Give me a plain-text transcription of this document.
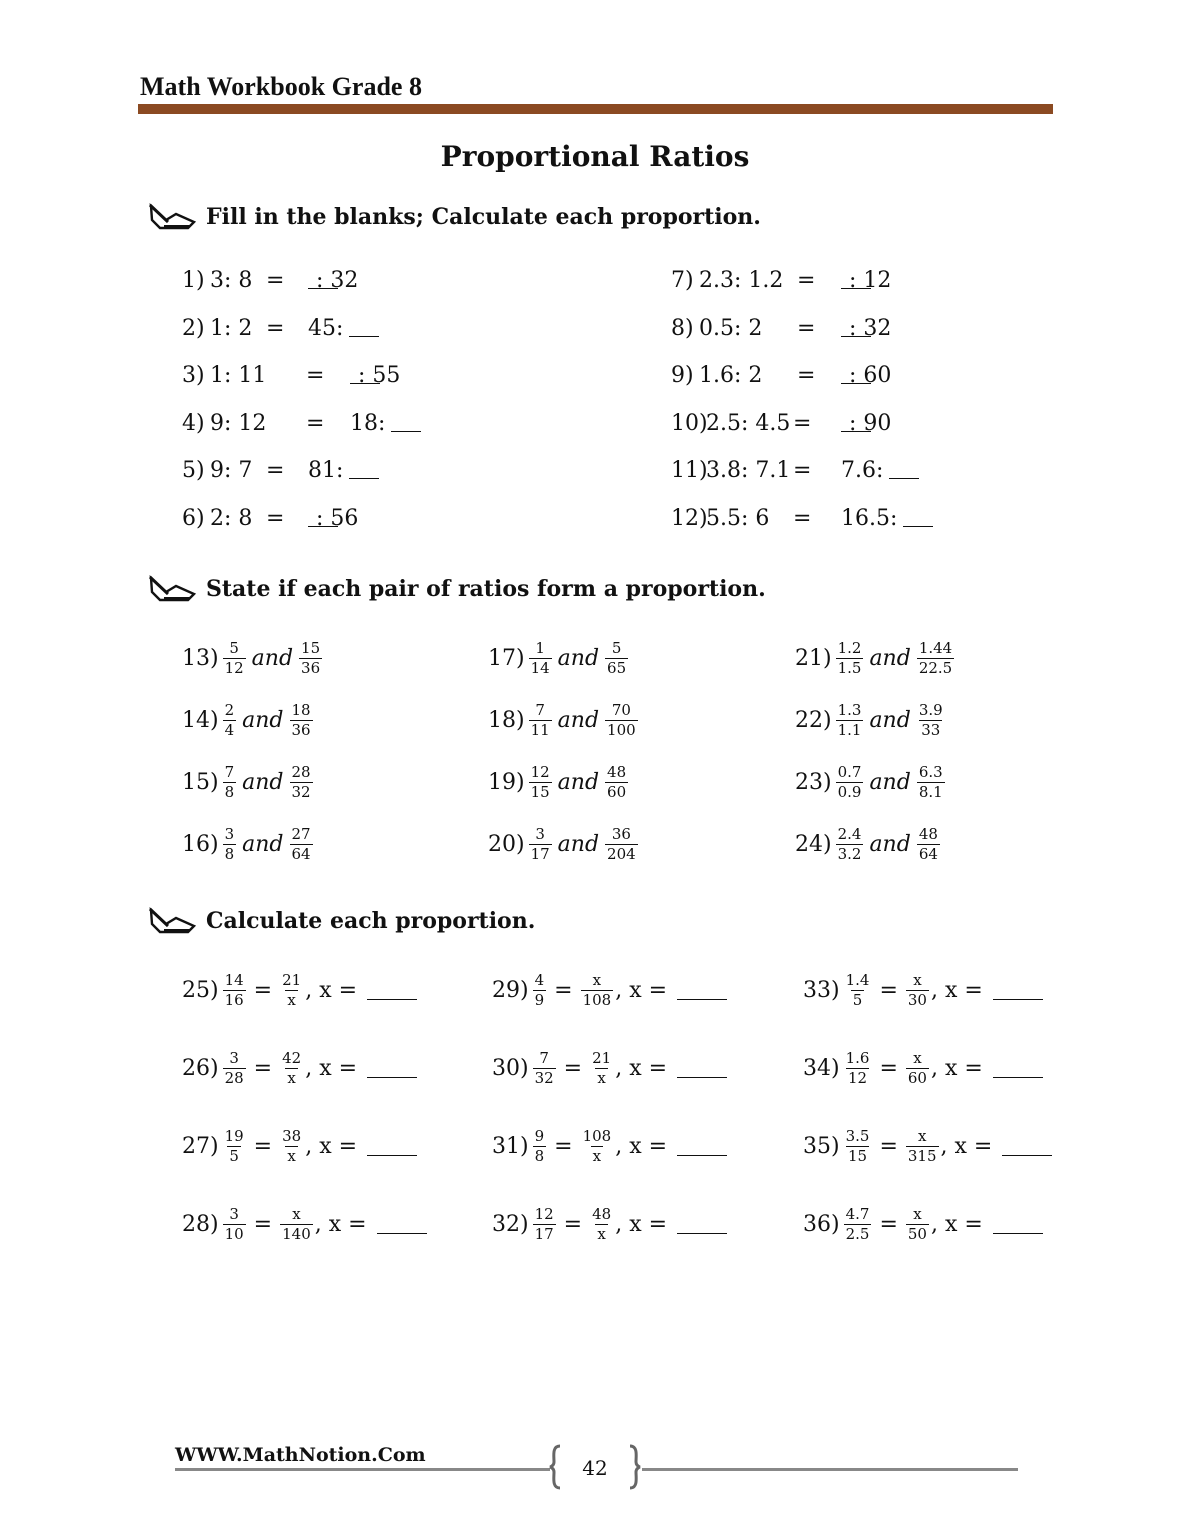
Math Workbook Grade 8
Proportional Ratios
Fill in the blanks; Calculate each proportion.
1) 3: 8 =	: 32
2) 1: 2 = 45:
3) 1: 11 =	: 55
4) 9: 12 = 18:
5) 9: 7 = 81:
6) 2: 8 =	: 56
7) 2.3: 1.2 =	: 12
8) 0.5: 2 =	: 32
9) 1.6: 2 =	: 60
10)
2.5: 4.5 =	: 90
11)
3.8: 7.1 = 7.6:
12)
5.5: 6 = 16.5:
State if each pair of ratios form a proportion.
$13) \frac{5}{12}$ and $\frac{15}{36}$
$14) \frac{2}{4}$ and $\frac{18}{36}$
$15) \frac{7}{8}$ and $\frac{28}{32}$
$16) \frac{3}{8}$ and $\frac{27}{64}$
$17) \frac{1}{14}$ and $\frac{5}{65}$
$18) \frac{7}{11}$ and $\frac{70}{100}$
$19) \frac{12}{15}$ and $\frac{48}{60}$
$20) \frac{3}{17}$ and $\frac{36}{204}$
$21) \frac{1.2}{1.5}$ and $\frac{1.44}{22.5}$
$22) \frac{1.3}{1.1}$ and $\frac{3.9}{33}$
$23) \frac{0.7}{0.9}$ and $\frac{6.3}{8.1}$
$24) \frac{2.4}{3.2}$ and $\frac{48}{64}$
Calculate each proportion.
$25) \frac{14}{16} = \frac{21}{x}$ , x =
$26) \frac{3}{28} = \frac{42}{x}$ , x =
$27) \frac{19}{5} = \frac{38}{x}$ , x =
$28) \frac{3}{10} = \frac{x}{140}$ , x =
$29) \frac{4}{9} = \frac{x}{108}$ , x =
$30) \frac{7}{32} = \frac{21}{x}$ , x =
$31) \frac{9}{8} = \frac{108}{x}$ , x =
$32) \frac{12}{17} = \frac{48}{x}$ , x =
$33) \frac{1.4}{5} = \frac{x}{30}$ , x =
$34) \frac{1.6}{12} = \frac{x}{60}$ , x =
$35) \frac{3.5}{15} = \frac{x}{315}$ , x =
$36) \frac{4.7}{2.5} = \frac{x}{50}$ , x =
WWW.MathNotion.Com
42
